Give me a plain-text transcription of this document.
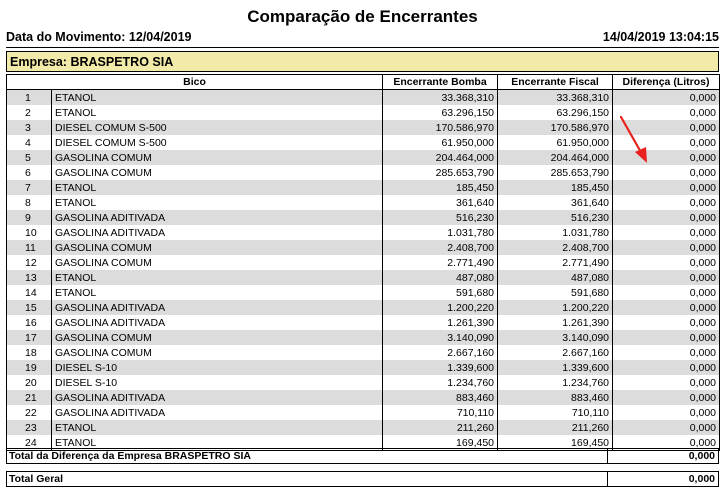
Comparação de Encerrantes
Data do Movimento: 12/04/2019	14/04/2019 13:04:15
Empresa: BRASPETRO SIA
Bico		Encerrante Bomba	Encerrante Fiscal	Diferença (Litros)
1	ETANOL	33.368,310	33.368,310	0,000
2	ETANOL	63.296,150	63.296,150	0,000
3	DIESEL COMUM S-500	170.586,970	170.586,970	0,000
4	DIESEL COMUM S-500	61.950,000	61.950,000	0,000
5	GASOLINA COMUM	204.464,000	204.464,000	0,000
6	GASOLINA COMUM	285.653,790	285.653,790	0,000
7	ETANOL	185,450	185,450	0,000
8	ETANOL	361,640	361,640	0,000
9	GASOLINA ADITIVADA	516,230	516,230	0,000
10	GASOLINA ADITIVADA	1.031,780	1.031,780	0,000
11	GASOLINA COMUM	2.408,700	2.408,700	0,000
12	GASOLINA COMUM	2.771,490	2.771,490	0,000
13	ETANOL	487,080	487,080	0,000
14	ETANOL	591,680	591,680	0,000
15	GASOLINA ADITIVADA	1.200,220	1.200,220	0,000
16	GASOLINA ADITIVADA	1.261,390	1.261,390	0,000
17	GASOLINA COMUM	3.140,090	3.140,090	0,000
18	GASOLINA COMUM	2.667,160	2.667,160	0,000
19	DIESEL S-10	1.339,600	1.339,600	0,000
20	DIESEL S-10	1.234,760	1.234,760	0,000
21	GASOLINA ADITIVADA	883,460	883,460	0,000
22	GASOLINA ADITIVADA	710,110	710,110	0,000
23	ETANOL	211,260	211,260	0,000
24	ETANOL	169,450	169,450	0,000
Total da Diferença da Empresa BRASPETRO SIA	0,000
Total Geral	0,000
